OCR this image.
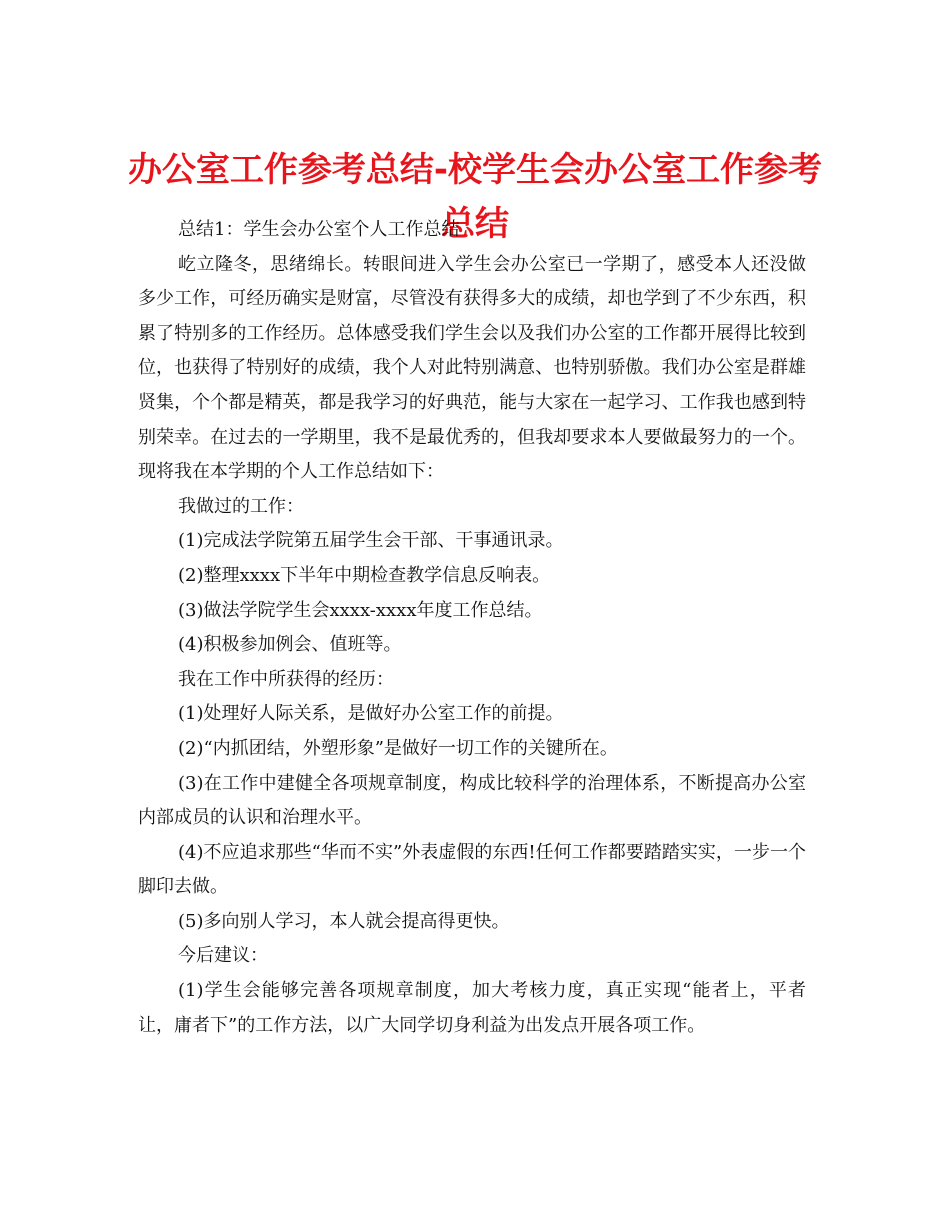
办公室工作参考总结-校学生会办公室工作参考总结

总结1：学生会办公室个人工作总结

屹立隆冬，思绪绵长。转眼间进入学生会办公室已一学期了，感受本人还没做多少工作，可经历确实是财富，尽管没有获得多大的成绩，却也学到了不少东西，积累了特别多的工作经历。总体感受我们学生会以及我们办公室的工作都开展得比较到位，也获得了特别好的成绩，我个人对此特别满意、也特别骄傲。我们办公室是群雄贤集，个个都是精英，都是我学习的好典范，能与大家在一起学习、工作我也感到特别荣幸。在过去的一学期里，我不是最优秀的，但我却要求本人要做最努力的一个。现将我在本学期的个人工作总结如下：

我做过的工作：

(1)完成法学院第五届学生会干部、干事通讯录。

(2)整理xxxx下半年中期检查教学信息反响表。

(3)做法学院学生会xxxx-xxxx年度工作总结。

(4)积极参加例会、值班等。

我在工作中所获得的经历：

(1)处理好人际关系，是做好办公室工作的前提。

(2)“内抓团结，外塑形象”是做好一切工作的关键所在。

(3)在工作中建健全各项规章制度，构成比较科学的治理体系，不断提高办公室内部成员的认识和治理水平。

(4)不应追求那些“华而不实”外表虚假的东西!任何工作都要踏踏实实，一步一个脚印去做。

(5)多向别人学习，本人就会提高得更快。

今后建议：

(1)学生会能够完善各项规章制度，加大考核力度，真正实现“能者上，平者让，庸者下”的工作方法，以广大同学切身利益为出发点开展各项工作。
